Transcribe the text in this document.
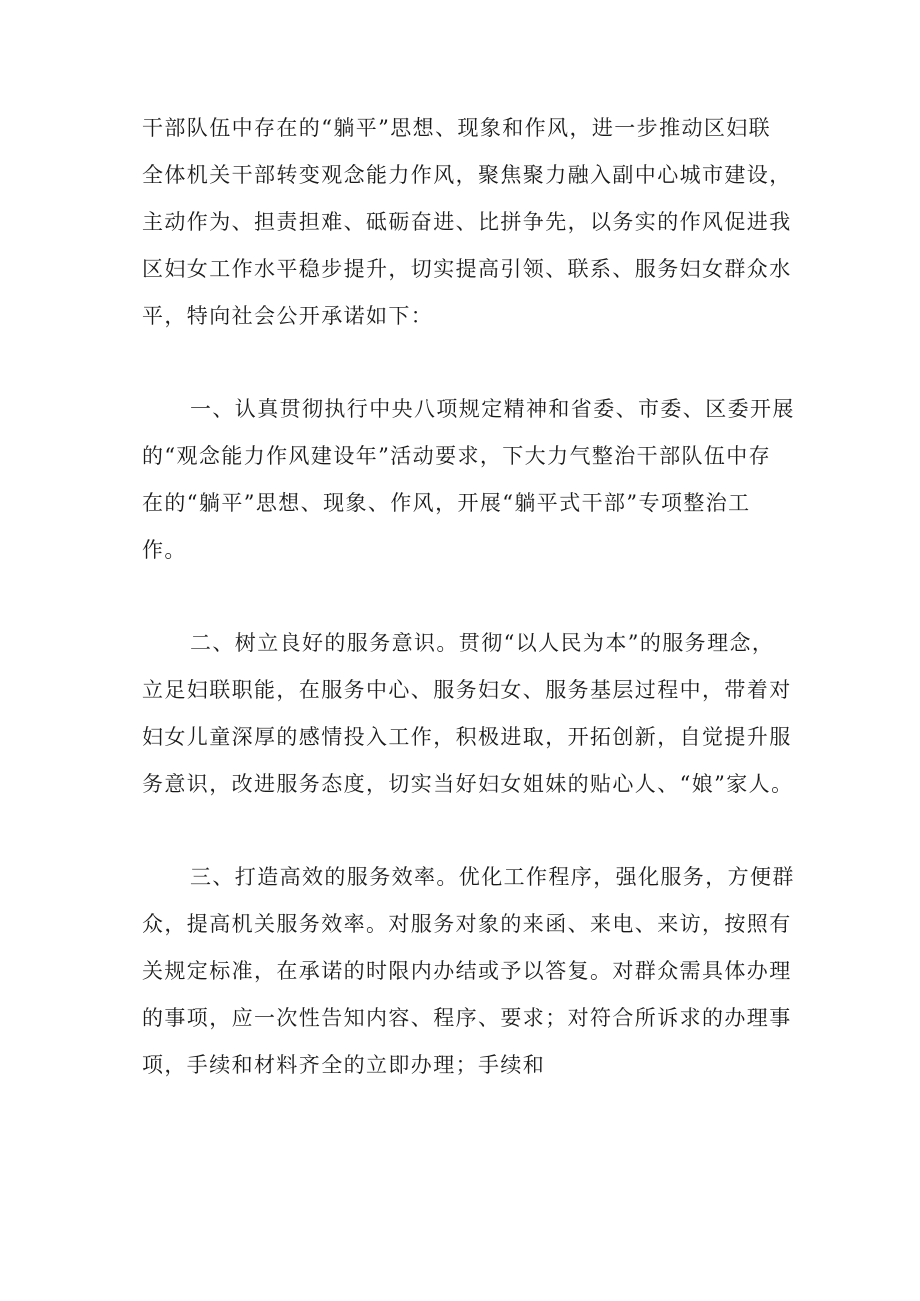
干部队伍中存在的“躺平”思想、现象和作风，进一步推动区妇联
全体机关干部转变观念能力作风，聚焦聚力融入副中心城市建设，
主动作为、担责担难、砥砺奋进、比拼争先，以务实的作风促进我
区妇女工作水平稳步提升，切实提高引领、联系、服务妇女群众水
平，特向社会公开承诺如下：
一、认真贯彻执行中央八项规定精神和省委、市委、区委开展
的“观念能力作风建设年”活动要求，下大力气整治干部队伍中存
在的“躺平”思想、现象、作风，开展“躺平式干部”专项整治工
作。
二、树立良好的服务意识。贯彻“以人民为本”的服务理念，
立足妇联职能，在服务中心、服务妇女、服务基层过程中，带着对
妇女儿童深厚的感情投入工作，积极进取，开拓创新，自觉提升服
务意识，改进服务态度，切实当好妇女姐妹的贴心人、“娘”家人。
三、打造高效的服务效率。优化工作程序，强化服务，方便群
众，提高机关服务效率。对服务对象的来函、来电、来访，按照有
关规定标准，在承诺的时限内办结或予以答复。对群众需具体办理
的事项，应一次性告知内容、程序、要求；对符合所诉求的办理事
项，手续和材料齐全的立即办理；手续和
